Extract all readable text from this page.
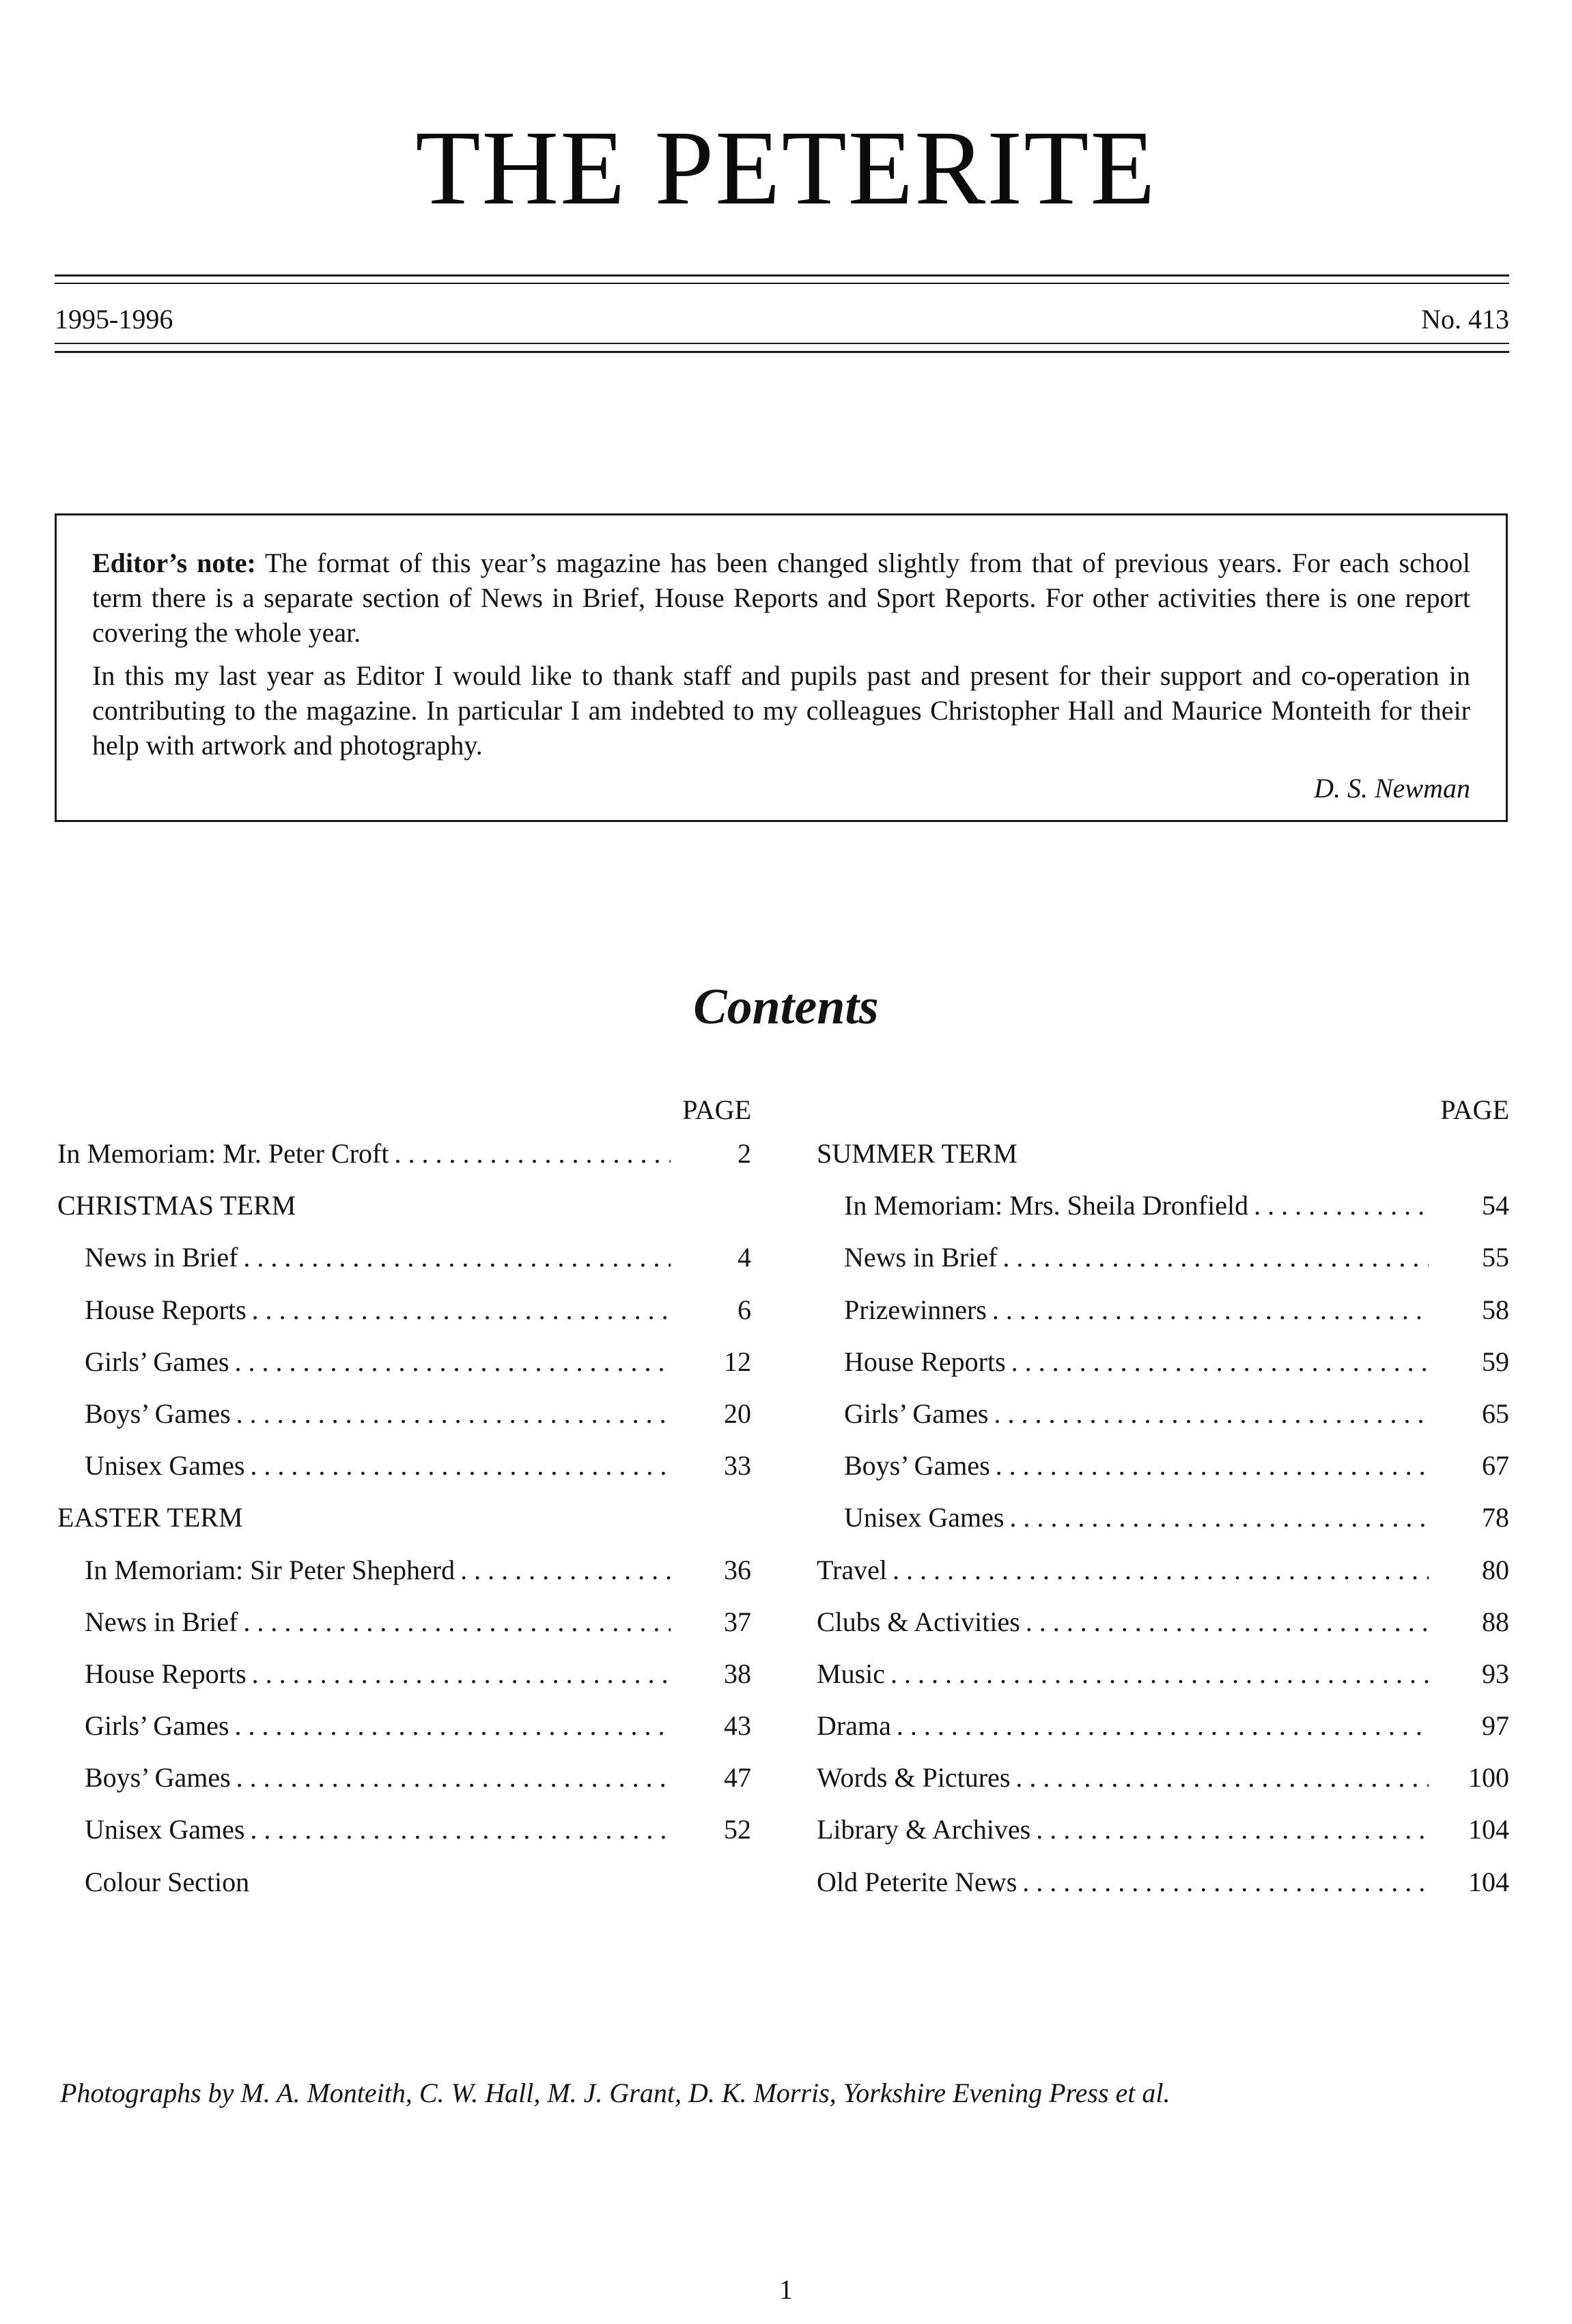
THE PETERITE
1995-1996	No. 413

Editor’s note: The format of this year’s magazine has been changed slightly from that of previous years. For each school term there is a separate section of News in Brief, House Reports and Sport Reports. For other activities there is one report covering the whole year.

In this my last year as Editor I would like to thank staff and pupils past and present for their support and co-operation in contributing to the magazine. In particular I am indebted to my colleagues Christopher Hall and Maurice Monteith for their help with artwork and photography.

D. S. Newman

Contents
PAGE
In Memoriam: Mr. Peter Croft . . .	2
CHRISTMAS TERM
News in Brief . . .	4
House Reports . . .	6
Girls’ Games . . .	12
Boys’ Games . . .	20
Unisex Games . . .	33
EASTER TERM
In Memoriam: Sir Peter Shepherd . . .	36
News in Brief . . .	37
House Reports . . .	38
Girls’ Games . . .	43
Boys’ Games . . .	47
Unisex Games . . .	52
Colour Section
PAGE
SUMMER TERM
In Memoriam: Mrs. Sheila Dronfield . . .	54
News in Brief . . .	55
Prizewinners . . .	58
House Reports . . .	59
Girls’ Games . . .	65
Boys’ Games . . .	67
Unisex Games . . .	78
Travel . . .	80
Clubs & Activities . . .	88
Music . . .	93
Drama . . .	97
Words & Pictures . . .	100
Library & Archives . . .	104
Old Peterite News . . .	104
Photographs by M. A. Monteith, C. W. Hall, M. J. Grant, D. K. Morris, Yorkshire Evening Press et al.
1
